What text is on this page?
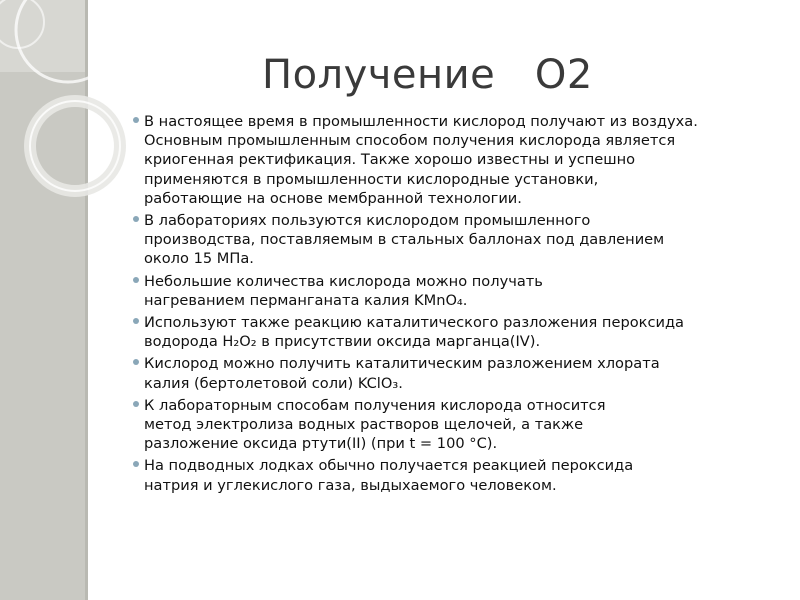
Получение   O2
В настоящее время в промышленности кислород получают из воздуха.
Основным промышленным способом получения кислорода является
криогенная ректификация. Также хорошо известны и успешно
применяются в промышленности кислородные установки,
работающие на основе мембранной технологии.
В лабораториях пользуются кислородом промышленного
производства, поставляемым в стальных баллонах под давлением
около 15 МПа.
Небольшие количества кислорода можно получать
нагреванием перманганата калия KMnO₄.
Используют также реакцию каталитического разложения пероксида
водорода H₂O₂ в присутствии оксида марганца(IV).
Кислород можно получить каталитическим разложением хлората
калия (бертолетовой соли) KClO₃.
К лабораторным способам получения кислорода относится
метод электролиза водных растворов щелочей, а также
разложение оксида ртути(II) (при t = 100 °C).
На подводных лодках обычно получается реакцией пероксида
натрия и углекислого газа, выдыхаемого человеком.
